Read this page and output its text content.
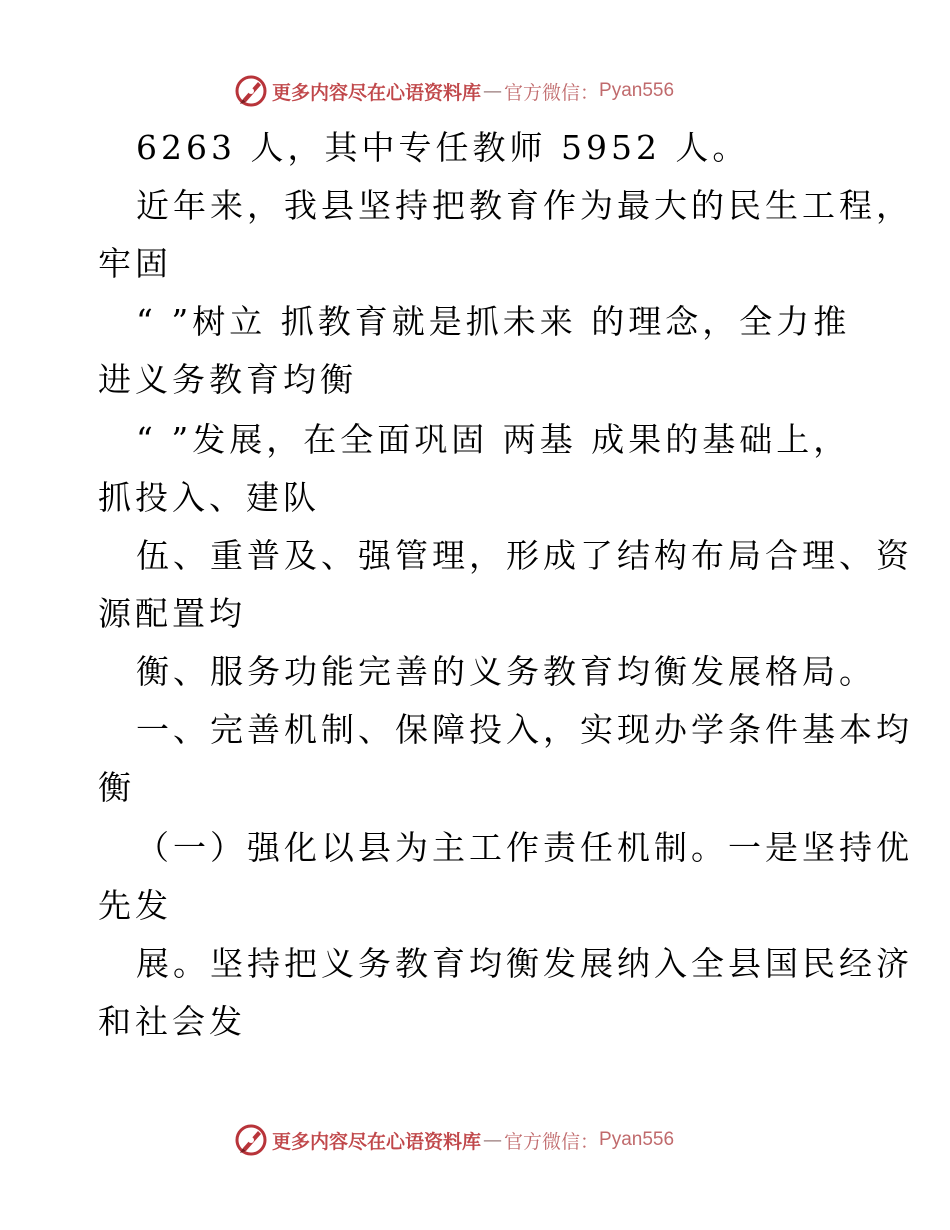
更多内容尽在心语资料库 — 官方微信： Pyan556
6263 人，其中专任教师 5952 人。
近年来，我县坚持把教育作为最大的民生工程，
牢固
“ ”树立 抓教育就是抓未来 的理念，全力推
进义务教育均衡
“ ”发展，在全面巩固 两基 成果的基础上，
抓投入、建队
伍、重普及、强管理，形成了结构布局合理、资
源配置均
衡、服务功能完善的义务教育均衡发展格局。
一、完善机制、保障投入，实现办学条件基本均
衡
（一）强化以县为主工作责任机制。一是坚持优
先发
展。坚持把义务教育均衡发展纳入全县国民经济
和社会发
更多内容尽在心语资料库 — 官方微信： Pyan556
